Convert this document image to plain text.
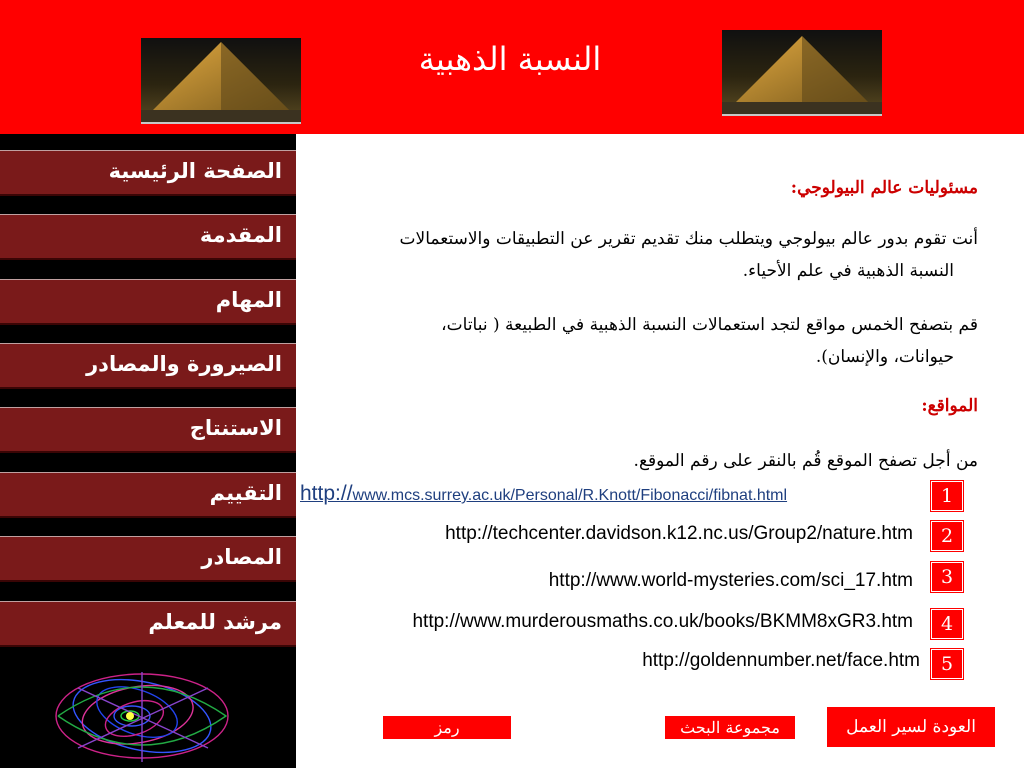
النسبة الذهبية
الصفحة الرئيسية
المقدمة
المهام
الصيرورة والمصادر
الاستنتاج
التقييم
المصادر
مرشد للمعلم
مسئوليات عالم البيولوجي:
أنت تقوم بدور عالم بيولوجي ويتطلب منك تقديم تقرير عن التطبيقات والاستعمالات
النسبة الذهبية في علم الأحياء.
قم بتصفح الخمس مواقع لتجد استعمالات النسبة الذهبية في الطبيعة ( نباتات،
حيوانات، والإنسان).
المواقع:
من أجل تصفح الموقع قُم بالنقر على رقم الموقع.
http://www.mcs.surrey.ac.uk/Personal/R.Knott/Fibonacci/fibnat.html
http://techcenter.davidson.k12.nc.us/Group2/nature.htm
http://www.world-mysteries.com/sci_17.htm
http://www.murderousmaths.co.uk/books/BKMM8xGR3.htm
http://goldennumber.net/face.htm
1
2
3
4
5
العودة لسير العمل
مجموعة البحث
رمز
